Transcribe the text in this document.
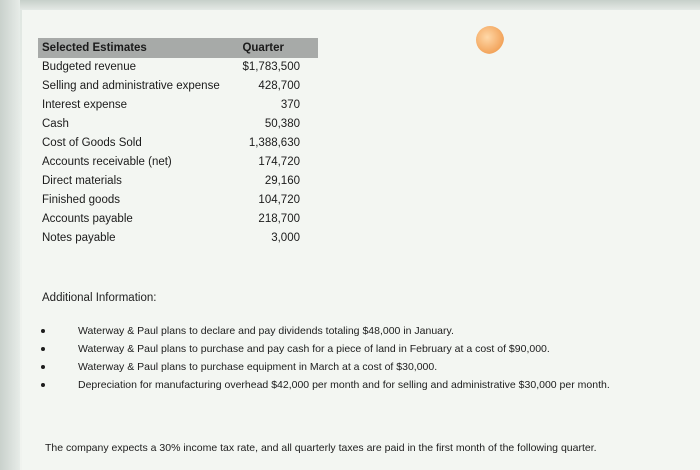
Selected Estimates	Quarter
Budgeted revenue	$1,783,500
Selling and administrative expense	428,700
Interest expense	370
Cash	50,380
Cost of Goods Sold	1,388,630
Accounts receivable (net)	174,720
Direct materials	29,160
Finished goods	104,720
Accounts payable	218,700
Notes payable	3,000
Additional Information:
Waterway & Paul plans to declare and pay dividends totaling $48,000 in January.
Waterway & Paul plans to purchase and pay cash for a piece of land in February at a cost of $90,000.
Waterway & Paul plans to purchase equipment in March at a cost of $30,000.
Depreciation for manufacturing overhead $42,000 per month and for selling and administrative $30,000 per month.
The company expects a 30% income tax rate, and all quarterly taxes are paid in the first month of the following quarter.
